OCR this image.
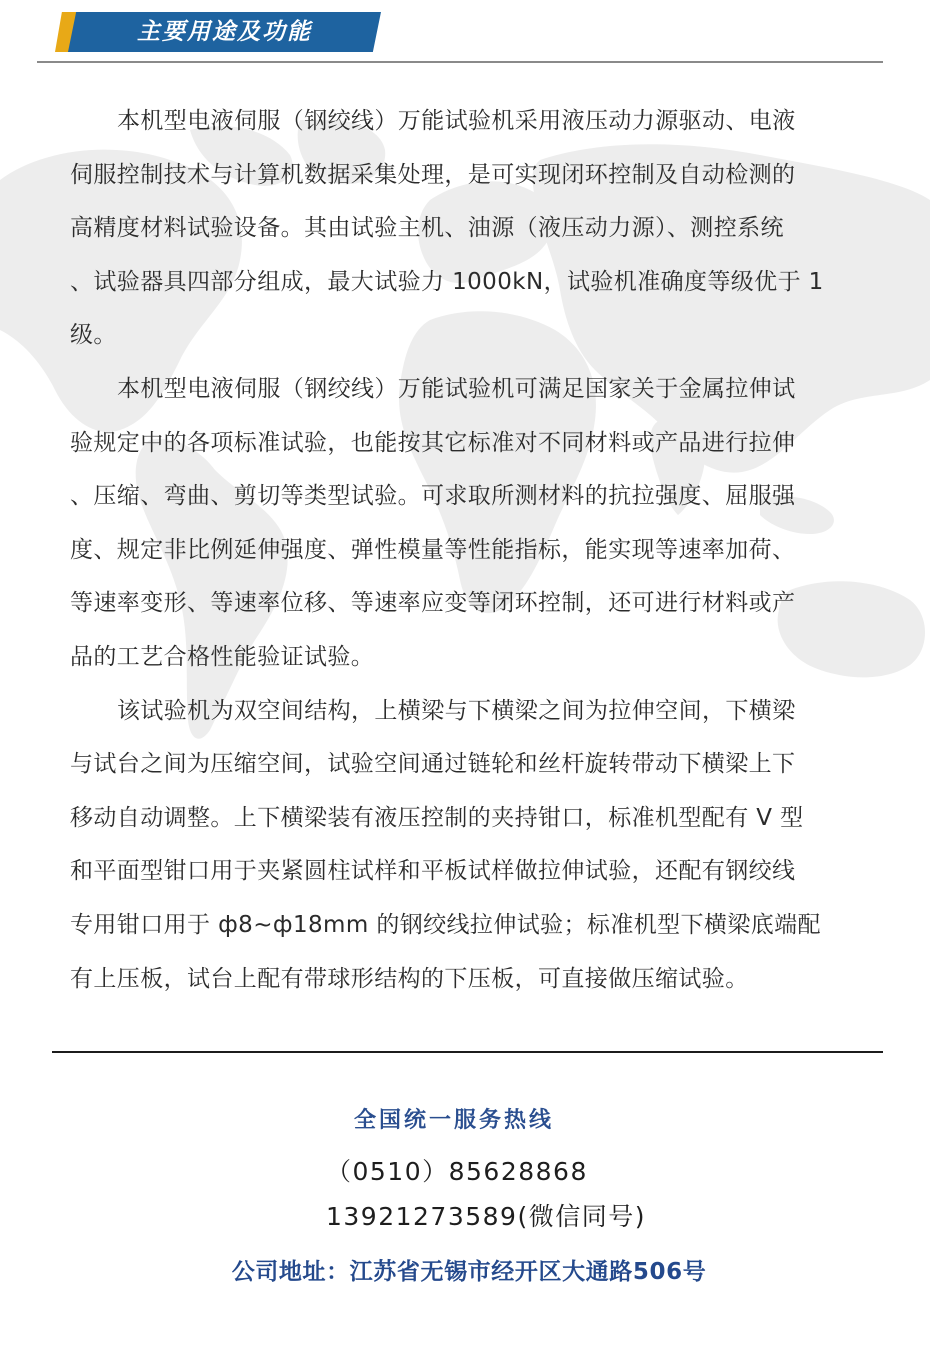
主要用途及功能

本机型电液伺服（钢绞线）万能试验机采用液压动力源驱动、电液
伺服控制技术与计算机数据采集处理，是可实现闭环控制及自动检测的
高精度材料试验设备。其由试验主机、油源（液压动力源）、测控系统
、试验器具四部分组成，最大试验力 1000kN，试验机准确度等级优于 1
级。

本机型电液伺服（钢绞线）万能试验机可满足国家关于金属拉伸试
验规定中的各项标准试验，也能按其它标准对不同材料或产品进行拉伸
、压缩、弯曲、剪切等类型试验。可求取所测材料的抗拉强度、屈服强
度、规定非比例延伸强度、弹性模量等性能指标，能实现等速率加荷、
等速率变形、等速率位移、等速率应变等闭环控制，还可进行材料或产
品的工艺合格性能验证试验。

该试验机为双空间结构，上横梁与下横梁之间为拉伸空间，下横梁
与试台之间为压缩空间，试验空间通过链轮和丝杆旋转带动下横梁上下
移动自动调整。上下横梁装有液压控制的夹持钳口，标准机型配有 V 型
和平面型钳口用于夹紧圆柱试样和平板试样做拉伸试验，还配有钢绞线
专用钳口用于 ф8~ф18mm 的钢绞线拉伸试验；标准机型下横梁底端配
有上压板，试台上配有带球形结构的下压板，可直接做压缩试验。

全国统一服务热线
（0510）85628868
13921273589(微信同号)
公司地址：江苏省无锡市经开区大通路506号
